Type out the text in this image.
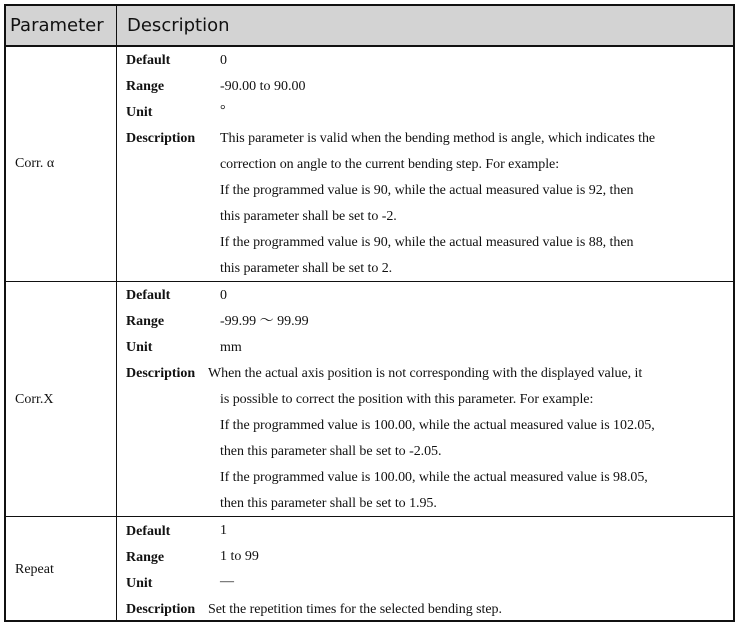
Parameter Description
Corr. α
Default	0
Range	-90.00 to 90.00
Unit	°
Description This parameter is valid when the bending method is angle, which indicates the
correction on angle to the current bending step. For example:
If the programmed value is 90, while the actual measured value is 92, then
this parameter shall be set to -2.
If the programmed value is 90, while the actual measured value is 88, then
this parameter shall be set to 2.
Corr.X
Default	0
Range	-99.99 ～ 99.99
Unit	mm
Description When the actual axis position is not corresponding with the displayed value, it
is possible to correct the position with this parameter. For example:
If the programmed value is 100.00, while the actual measured value is 102.05,
then this parameter shall be set to -2.05.
If the programmed value is 100.00, while the actual measured value is 98.05,
then this parameter shall be set to 1.95.
Repeat
Default	1
Range	1 to 99
Unit	—
Description Set the repetition times for the selected bending step.
